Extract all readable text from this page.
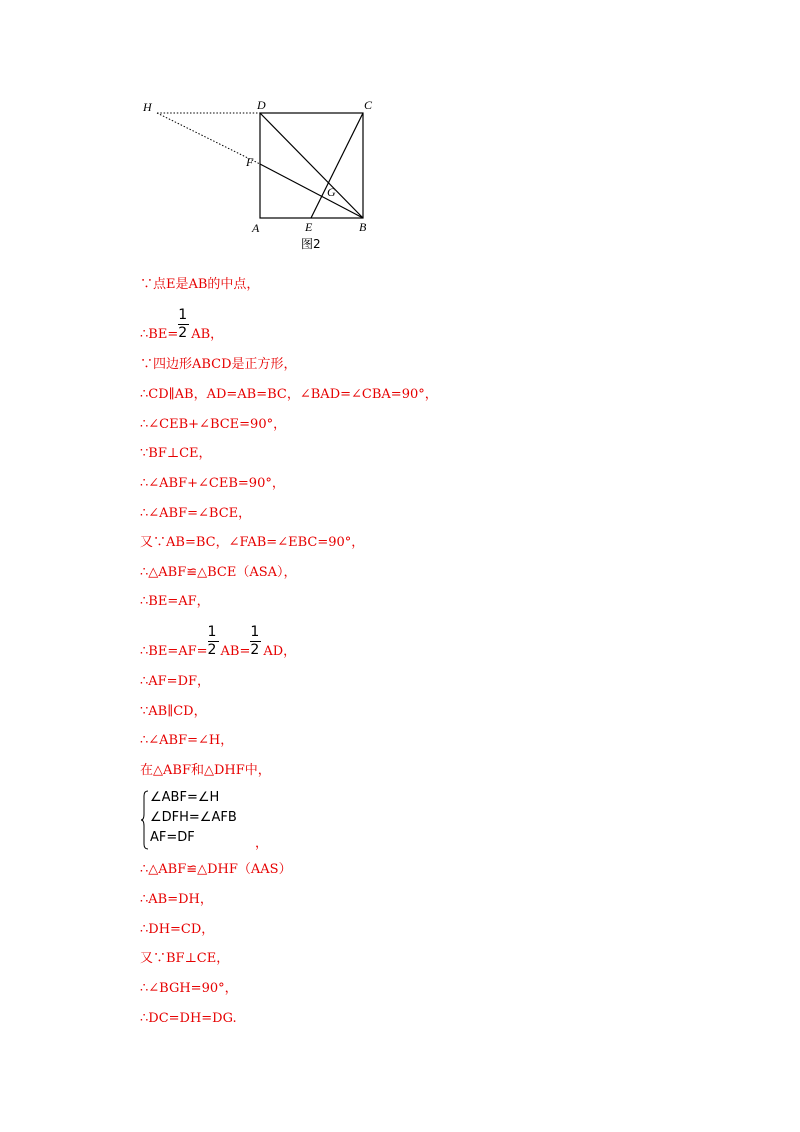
H	D	C
F
G
A	E	B
图2
∵点E是AB的中点，
∴BE= $\frac{1}{2}$ AB，
∵四边形ABCD是正方形，
∴CD∥AB，AD=AB=BC，∠BAD=∠CBA=90°，
∴∠CEB+∠BCE=90°，
∵BF⊥CE，
∴∠ABF+∠CEB=90°，
∴∠ABF=∠BCE，
又∵AB=BC，∠FAB=∠EBC=90°，
∴△ABF≌△BCE（ASA），
∴BE=AF，
∴BE=AF= $\frac{1}{2} AB= \frac{1}{2}$ AD，
∴AF=DF，
∵AB∥CD，
∴∠ABF=∠H，
在△ABF和△DHF中，
∠ABF=∠H
∠DFH=∠AFB
AF=DF	，
∴△ABF≌△DHF（AAS）
∴AB=DH，
∴DH=CD，
又∵BF⊥CE，
∴∠BGH=90°，
∴DC=DH=DG.
